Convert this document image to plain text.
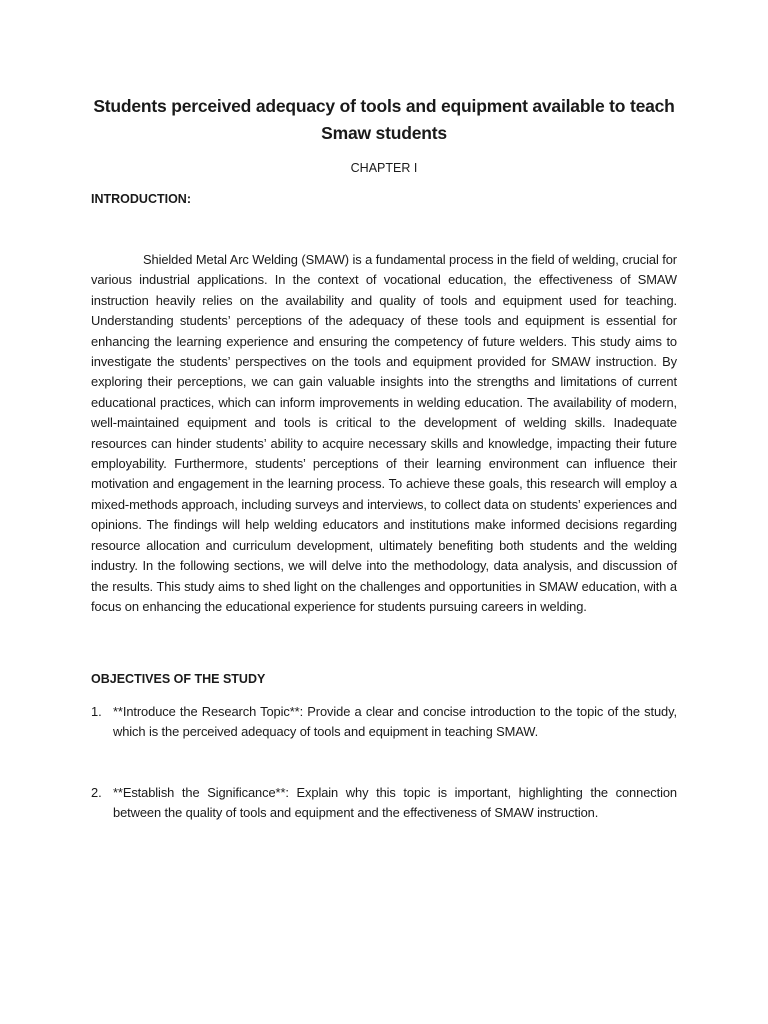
Students perceived adequacy of tools and equipment available to teach Smaw students

CHAPTER I

INTRODUCTION:

Shielded Metal Arc Welding (SMAW) is a fundamental process in the field of welding, crucial for various industrial applications. In the context of vocational education, the effectiveness of SMAW instruction heavily relies on the availability and quality of tools and equipment used for teaching. Understanding students’ perceptions of the adequacy of these tools and equipment is essential for enhancing the learning experience and ensuring the competency of future welders. This study aims to investigate the students’ perspectives on the tools and equipment provided for SMAW instruction. By exploring their perceptions, we can gain valuable insights into the strengths and limitations of current educational practices, which can inform improvements in welding education. The availability of modern, well-maintained equipment and tools is critical to the development of welding skills. Inadequate resources can hinder students’ ability to acquire necessary skills and knowledge, impacting their future employability. Furthermore, students’ perceptions of their learning environment can influence their motivation and engagement in the learning process. To achieve these goals, this research will employ a mixed-methods approach, including surveys and interviews, to collect data on students’ experiences and opinions. The findings will help welding educators and institutions make informed decisions regarding resource allocation and curriculum development, ultimately benefiting both students and the welding industry. In the following sections, we will delve into the methodology, data analysis, and discussion of the results. This study aims to shed light on the challenges and opportunities in SMAW education, with a focus on enhancing the educational experience for students pursuing careers in welding.

OBJECTIVES OF THE STUDY
1. **Introduce the Research Topic**: Provide a clear and concise introduction to the topic of the study, which is the perceived adequacy of tools and equipment in teaching SMAW.
2. **Establish the Significance**: Explain why this topic is important, highlighting the connection between the quality of tools and equipment and the effectiveness of SMAW instruction.
